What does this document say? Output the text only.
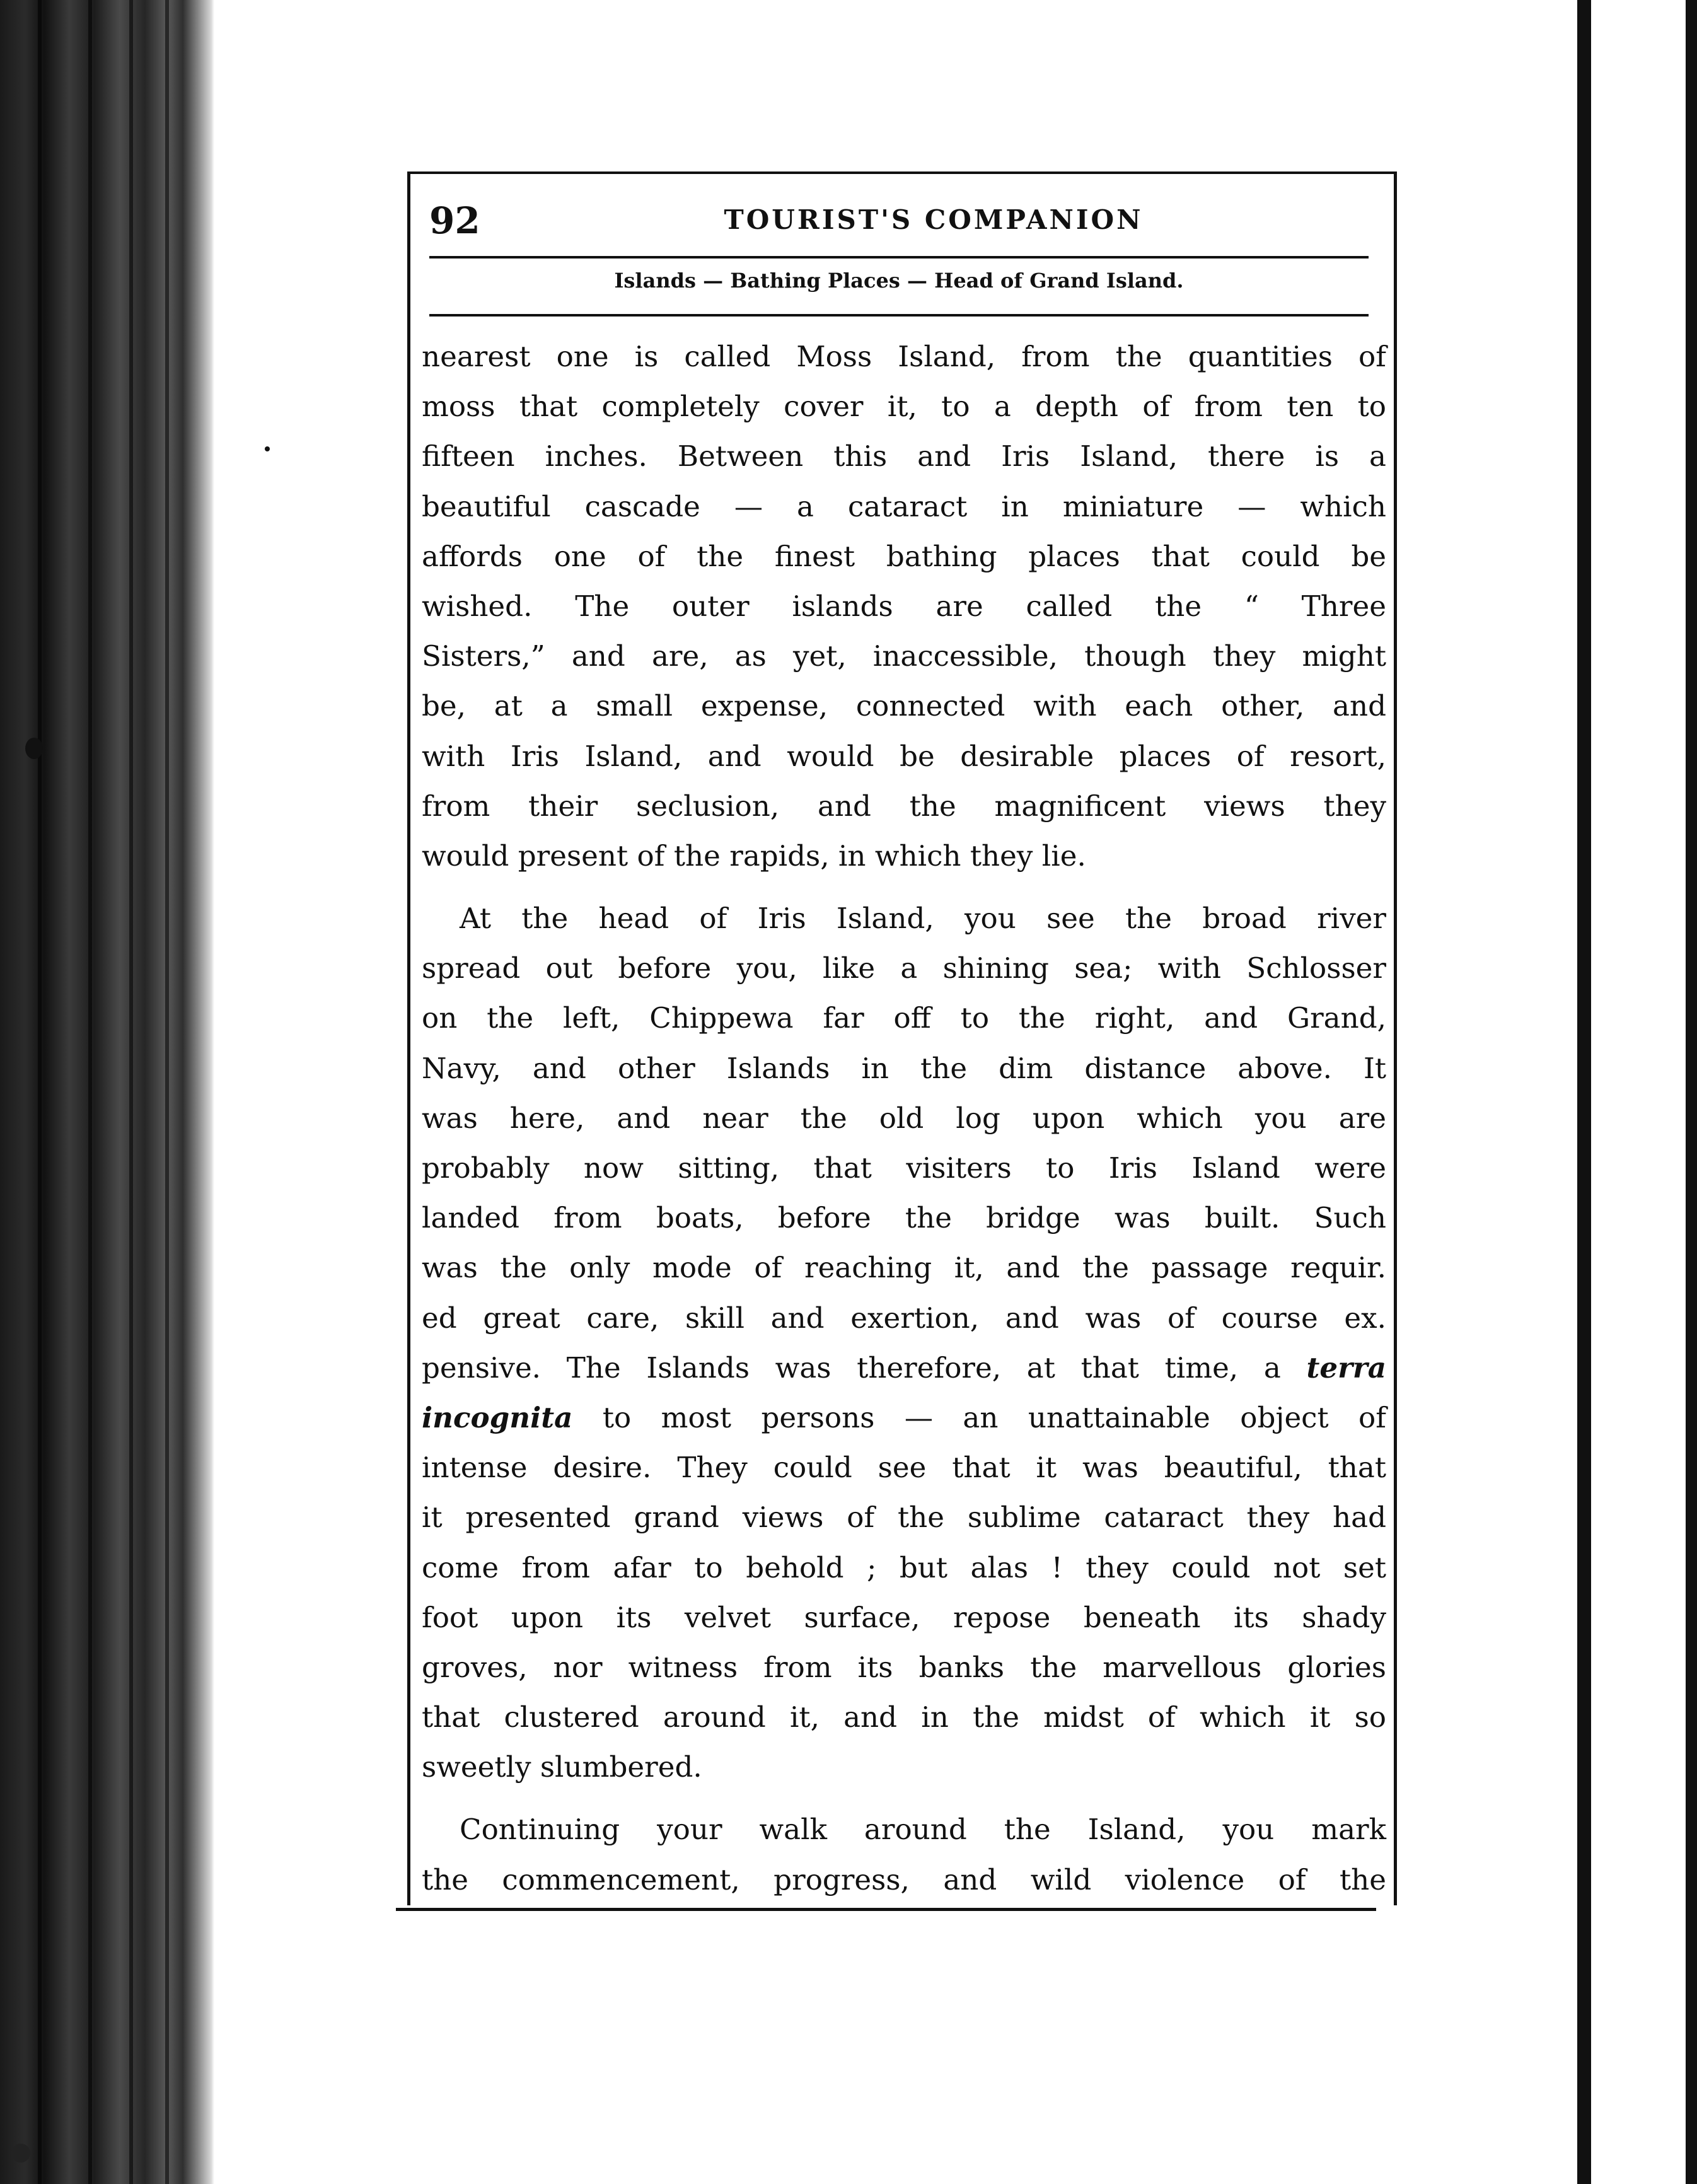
92	TOURIST'S COMPANION
Islands — Bathing Places — Head of Grand Island.
nearest one is called Moss Island, from the quantities of
moss that completely cover it, to a depth of from ten to
fifteen inches. Between this and Iris Island, there is a
beautiful cascade — a cataract in miniature — which
affords one of the finest bathing places that could be
wished. The outer islands are called the “ Three
Sisters,” and are, as yet, inaccessible, though they might
be, at a small expense, connected with each other, and
with Iris Island, and would be desirable places of resort,
from their seclusion, and the magnificent views they
would present of the rapids, in which they lie.
At the head of Iris Island, you see the broad river
spread out before you, like a shining sea; with Schlosser
on the left, Chippewa far off to the right, and Grand,
Navy, and other Islands in the dim distance above. It
was here, and near the old log upon which you are
probably now sitting, that visiters to Iris Island were
landed from boats, before the bridge was built. Such
was the only mode of reaching it, and the passage requir.
ed great care, skill and exertion, and was of course ex.
pensive. The Islands was therefore, at that time, a terra
incognita to most persons — an unattainable object of
intense desire. They could see that it was beautiful, that
it presented grand views of the sublime cataract they had
come from afar to behold ; but alas ! they could not set
foot upon its velvet surface, repose beneath its shady
groves, nor witness from its banks the marvellous glories
that clustered around it, and in the midst of which it so
sweetly slumbered.
Continuing your walk around the Island, you mark
the commencement, progress, and wild violence of the
